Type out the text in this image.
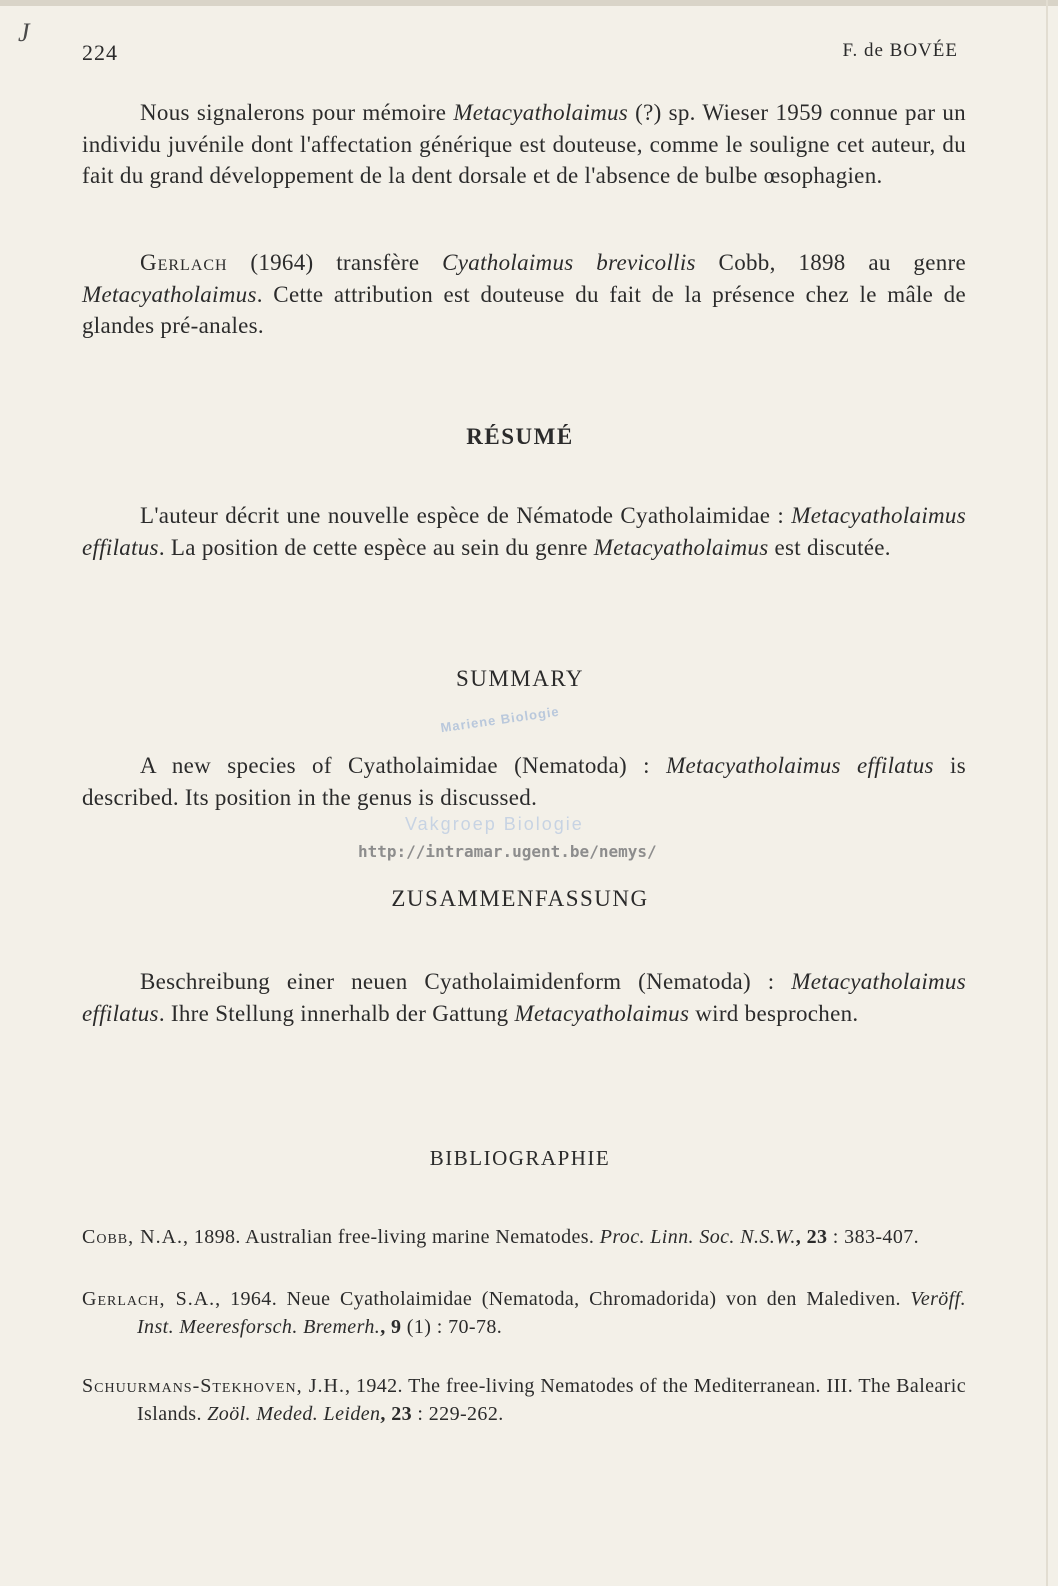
J
224	F. de BOVÉE
Nous signalerons pour mémoire Metacyatholaimus (?) sp. Wieser 1959 connue par un individu juvénile dont l'affectation générique est douteuse, comme le souligne cet auteur, du fait du grand développement de la dent dorsale et de l'absence de bulbe œsophagien.
Gerlach (1964) transfère Cyatholaimus brevicollis Cobb, 1898 au genre Metacyatholaimus. Cette attribution est douteuse du fait de la présence chez le mâle de glandes pré-anales.
RÉSUMÉ
L'auteur décrit une nouvelle espèce de Nématode Cyatholaimidae : Metacyatholaimus effilatus. La position de cette espèce au sein du genre Metacyatholaimus est discutée.
SUMMARY
Mariene Biologie
A new species of Cyatholaimidae (Nematoda) : Metacyatholaimus effilatus is described. Its position in the genus is discussed.
Vakgroep Biologie
http://intramar.ugent.be/nemys/
ZUSAMMENFASSUNG
Beschreibung einer neuen Cyatholaimidenform (Nematoda) : Metacyatholaimus effilatus. Ihre Stellung innerhalb der Gattung Metacyatholaimus wird besprochen.
BIBLIOGRAPHIE
Cobb, N.A., 1898. Australian free-living marine Nematodes. Proc. Linn. Soc. N.S.W., 23 : 383-407.
Gerlach, S.A., 1964. Neue Cyatholaimidae (Nematoda, Chromadorida) von den Malediven. Veröff. Inst. Meeresforsch. Bremerh., 9 (1) : 70-78.
Schuurmans-Stekhoven, J.H., 1942. The free-living Nematodes of the Mediterranean. III. The Balearic Islands. Zoöl. Meded. Leiden, 23 : 229-262.
